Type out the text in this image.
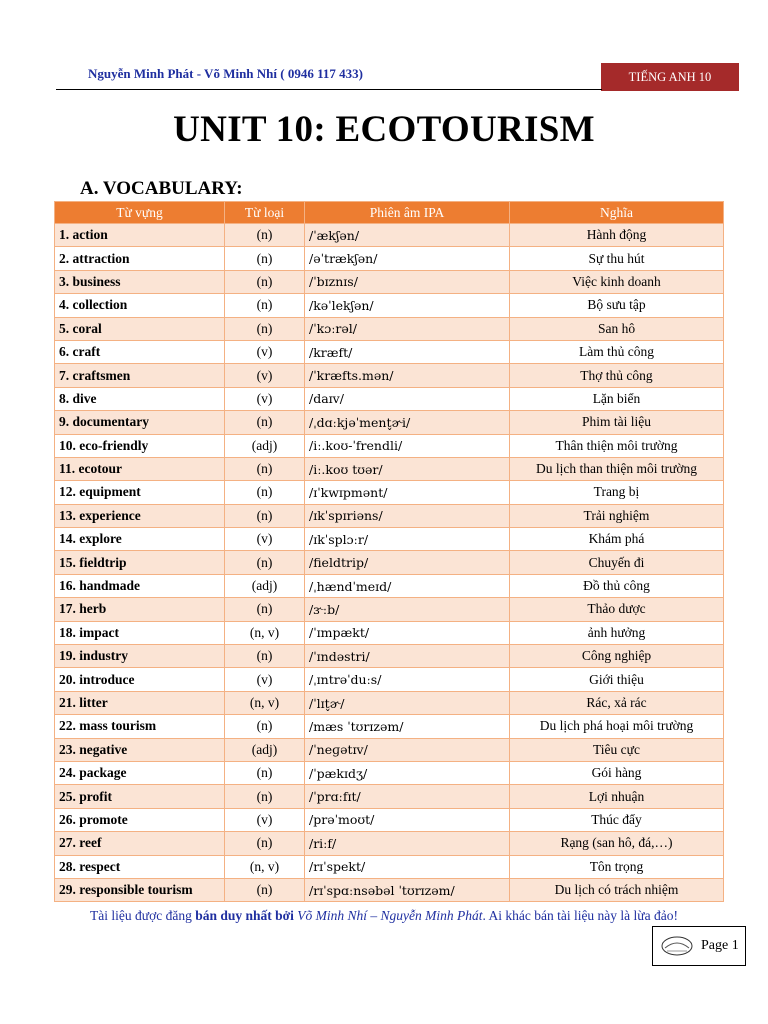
Nguyễn Minh Phát - Võ Minh Nhí ( 0946 117 433)	TIẾNG ANH 10
UNIT 10: ECOTOURISM
A. VOCABULARY:
Từ vựng	Từ loại	Phiên âm IPA	Nghĩa
1. action	(n)	/ˈækʃən/	Hành động
2. attraction	(n)	/əˈtrækʃən/	Sự thu hút
3. business	(n)	/ˈbɪznɪs/	Việc kinh doanh
4. collection	(n)	/kəˈlekʃən/	Bộ sưu tập
5. coral	(n)	/ˈkɔːrəl/	San hô
6. craft	(v)	/kræft/	Làm thủ công
7. craftsmen	(v)	/ˈkræfts.mən/	Thợ thủ công
8. dive	(v)	/daɪv/	Lặn biển
9. documentary	(n)	/ˌdɑːkjəˈment̬ɚi/	Phim tài liệu
10. eco-friendly	(adj)	/iː.koʊ-ˈfrendli/	Thân thiện môi trường
11. ecotour	(n)	/iː.koʊ tʊər/	Du lịch than thiện môi trường
12. equipment	(n)	/ɪˈkwɪpmənt/	Trang bị
13. experience	(n)	/ɪkˈspɪriəns/	Trải nghiệm
14. explore	(v)	/ɪkˈsplɔːr/	Khám phá
15. fieldtrip	(n)	/fieldtrip/	Chuyến đi
16. handmade	(adj)	/ˌhændˈmeɪd/	Đồ thủ công
17. herb	(n)	/ɝːb/	Thảo dược
18. impact	(n, v)	/ˈɪmpækt/	ảnh hưởng
19. industry	(n)	/ˈɪndəstri/	Công nghiệp
20. introduce	(v)	/ˌɪntrəˈduːs/	Giới thiệu
21. litter	(n, v)	/ˈlɪt̬ɚ/	Rác, xả rác
22. mass tourism	(n)	/mæs ˈtʊrɪzəm/	Du lịch phá hoại môi trường
23. negative	(adj)	/ˈneɡətɪv/	Tiêu cực
24. package	(n)	/ˈpækɪdʒ/	Gói hàng
25. profit	(n)	/ˈprɑːfɪt/	Lợi nhuận
26. promote	(v)	/prəˈmoʊt/	Thúc đẩy
27. reef	(n)	/riːf/	Rạng (san hô, đá,…)
28. respect	(n, v)	/rɪˈspekt/	Tôn trọng
29. responsible tourism	(n)	/rɪˈspɑːnsəbəl ˈtʊrɪzəm/	Du lịch có trách nhiệm
Tài liệu được đăng bán duy nhất bởi Võ Minh Nhí – Nguyễn Minh Phát. Ai khác bán tài liệu này là lừa đảo!
Page 1
